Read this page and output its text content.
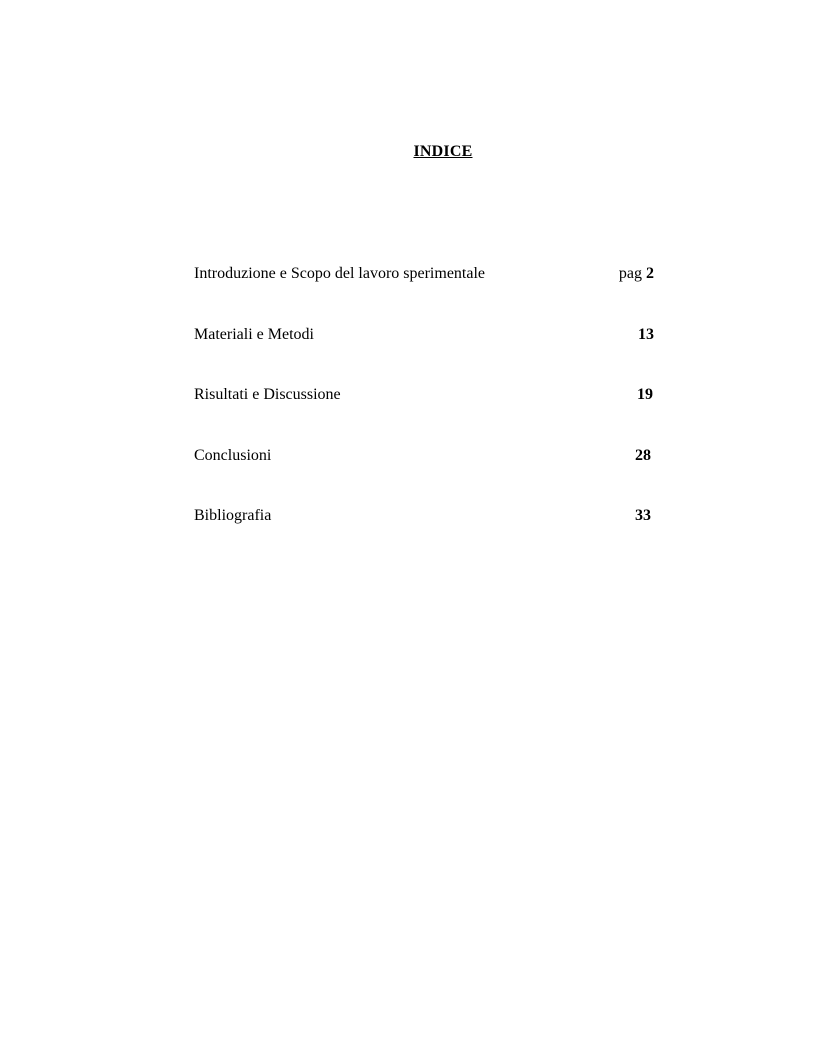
INDICE
Introduzione e Scopo del lavoro sperimentale	pag 2
Materiali e Metodi	13
Risultati e Discussione	19
Conclusioni	28
Bibliografia	33
